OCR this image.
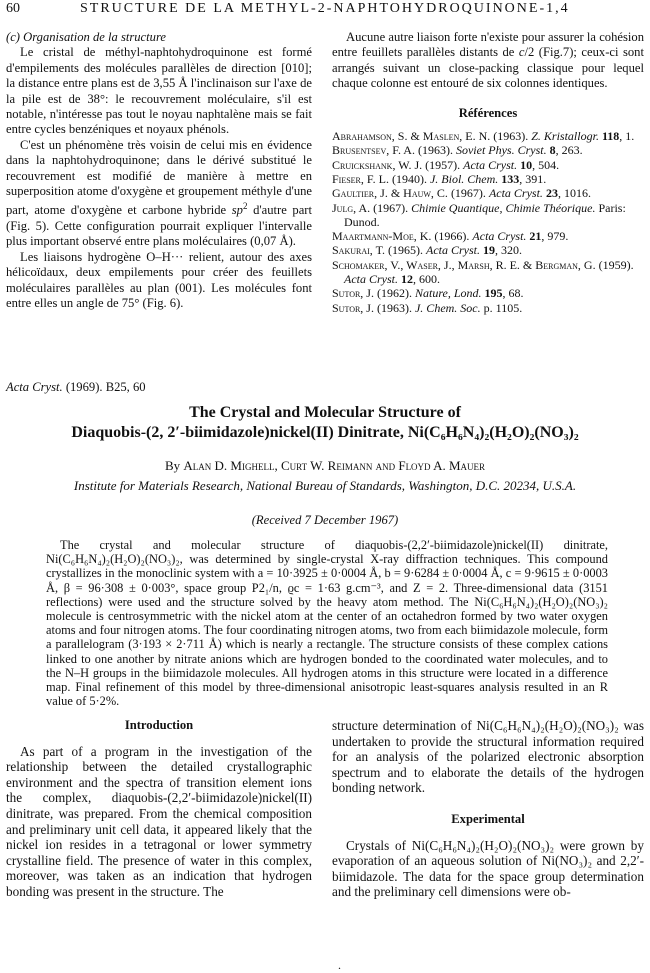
60	STRUCTURE DE LA METHYL-2-NAPHTOHYDROQUINONE-1,4

(c) Organisation de la structure

Le cristal de méthyl-naphtohydroquinone est formé d'empilements des molécules parallèles de direction [010]; la distance entre plans est de 3,55 Å l'inclinaison sur l'axe de la pile est de 38°: le recouvrement moléculaire, s'il est notable, n'intéresse pas tout le noyau naphtalène mais se fait entre cycles benzéniques et noyaux phénols.

C'est un phénomène très voisin de celui mis en évidence dans la naphtohydroquinone; dans le dérivé substitué le recouvrement est modifié de manière à mettre en superposition atome d'oxygène et groupement méthyle d'une part, atome d'oxygène et carbone hybride $sp^2$ d'autre part (Fig. 5). Cette configuration pourrait expliquer l'intervalle plus important observé entre plans moléculaires (0,07 Å).

Les liaisons hydrogène O–H··· relient, autour des axes hélicoïdaux, deux empilements pour créer des feuillets moléculaires parallèles au plan (001). Les molécules font entre elles un angle de 75° (Fig. 6).

Aucune autre liaison forte n'existe pour assurer la cohésion entre feuillets parallèles distants de c/2 (Fig.7); ceux-ci sont arrangés suivant un close-packing classique pour lequel chaque colonne est entouré de six colonnes identiques.

Références

Abrahamson, S. & Maslen, E. N. (1963). Z. Kristallogr. 118, 1.

Brusentsev, F. A. (1963). Soviet Phys. Cryst. 8, 263.

Cruickshank, W. J. (1957). Acta Cryst. 10, 504.

Fieser, F. L. (1940). J. Biol. Chem. 133, 391.

Gaultier, J. & Hauw, C. (1967). Acta Cryst. 23, 1016.

Julg, A. (1967). Chimie Quantique, Chimie Théorique. Paris: Dunod.

Maartmann-Moe, K. (1966). Acta Cryst. 21, 979.

Sakurai, T. (1965). Acta Cryst. 19, 320.

Schomaker, V., Waser, J., Marsh, R. E. & Bergman, G. (1959). Acta Cryst. 12, 600.

Sutor, J. (1962). Nature, Lond. 195, 68.

Sutor, J. (1963). J. Chem. Soc. p. 1105.

Acta Cryst. (1969). B25, 60
The Crystal and Molecular Structure of
Diaquobis-(2, 2′-biimidazole)nickel(II) Dinitrate, Ni(C₆H₆N₄)₂(H₂O)₂(NO₃)₂
By Alan D. Mighell, Curt W. Reimann and Floyd A. Mauer
Institute for Materials Research, National Bureau of Standards, Washington, D.C. 20234, U.S.A.
(Received 7 December 1967)

The crystal and molecular structure of diaquobis-(2,2′-biimidazole)nickel(II) dinitrate, Ni(C₆H₆N₄)₂(H₂O)₂(NO₃)₂, was determined by single-crystal X-ray diffraction techniques. This compound crystallizes in the monoclinic system with a = 10·3925 ± 0·0004 Å, b = 9·6284 ± 0·0004 Å, c = 9·9615 ± 0·0003 Å, β = 96·308 ± 0·003°, space group P2₁/n, ϱc = 1·63 g.cm⁻³, and Z = 2. Three-dimensional data (3151 reflections) were used and the structure solved by the heavy atom method. The Ni(C₆H₆N₄)₂(H₂O)₂(NO₃)₂ molecule is centrosymmetric with the nickel atom at the center of an octahedron formed by two water oxygen atoms and four nitrogen atoms. The four coordinating nitrogen atoms, two from each biimidazole molecule, form a parallelogram (3·193 × 2·711 Å) which is nearly a rectangle. The structure consists of these complex cations linked to one another by nitrate anions which are hydrogen bonded to the coordinated water molecules, and to the N–H groups in the biimidazole molecules. All hydrogen atoms in this structure were located in a difference map. Final refinement of this model by three-dimensional anisotropic least-squares analysis resulted in an R value of 5·2%.

Introduction

As part of a program in the investigation of the relationship between the detailed crystallographic environment and the spectra of transition element ions the complex, diaquobis-(2,2′-biimidazole)nickel(II) dinitrate, was prepared. From the chemical composition and preliminary unit cell data, it appeared likely that the nickel ion resides in a tetragonal or lower symmetry crystalline field. The presence of water in this complex, moreover, was taken as an indication that hydrogen bonding was present in the structure. The

structure determination of Ni(C₆H₆N₄)₂(H₂O)₂(NO₃)₂ was undertaken to provide the structural information required for an analysis of the polarized electronic absorption spectrum and to elaborate the details of the hydrogen bonding network.

Experimental

Crystals of Ni(C₆H₆N₄)₂(H₂O)₂(NO₃)₂ were grown by evaporation of an aqueous solution of Ni(NO₃)₂ and 2,2′-biimidazole. The data for the space group determination and the preliminary cell dimensions were ob-

.
